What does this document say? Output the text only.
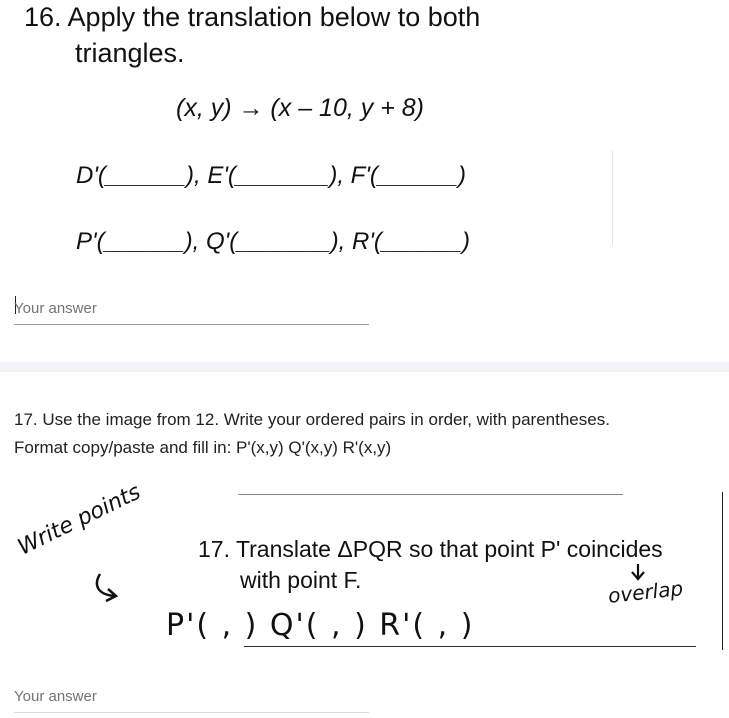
16. Apply the translation below to both
triangles.
(x, y) → (x – 10, y + 8)
D'(______), E'(_______), F'(______)
P'(______), Q'(_______), R'(______)
Your answer
17. Use the image from 12. Write your ordered pairs in order, with parentheses.
Format copy/paste and fill in: P'(x,y) Q'(x,y) R'(x,y)
Write points 17. Translate ΔPQR so that point P' coincides
with point F.	overlap
P'( , ) Q'( , ) R'( , )
Your answer
